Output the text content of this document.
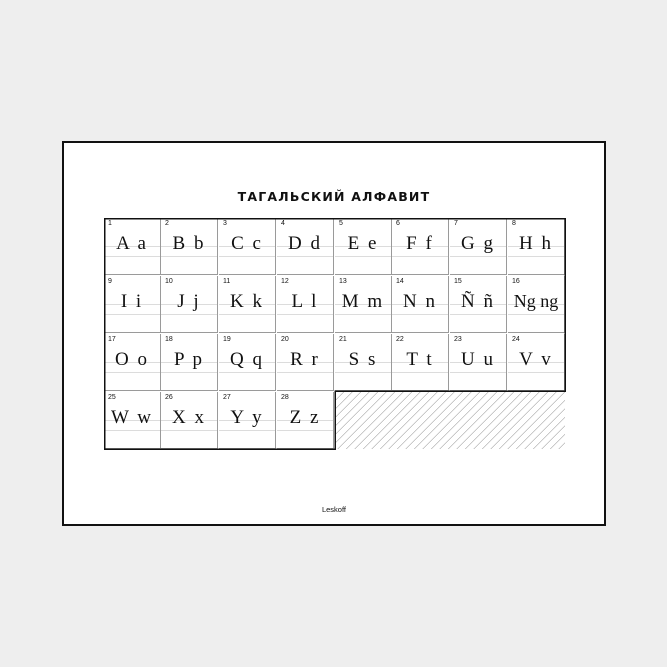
ТАГАЛЬСКИЙ АЛФАВИТ
1
A a
2
B b
3
C c
4
D d
5
E e
6
F f
7
G g
8
H h
9
I i
10
J j
11
K k
12
L l
13
M m
14
N n
15
Ñ ñ
16
Ng ng
17
O o
18
P p
19
Q q
20
R r
21
S s
22
T t
23
U u
24
V v
25
W w
26
X x
27
Y y
28
Z z
Leskoff
